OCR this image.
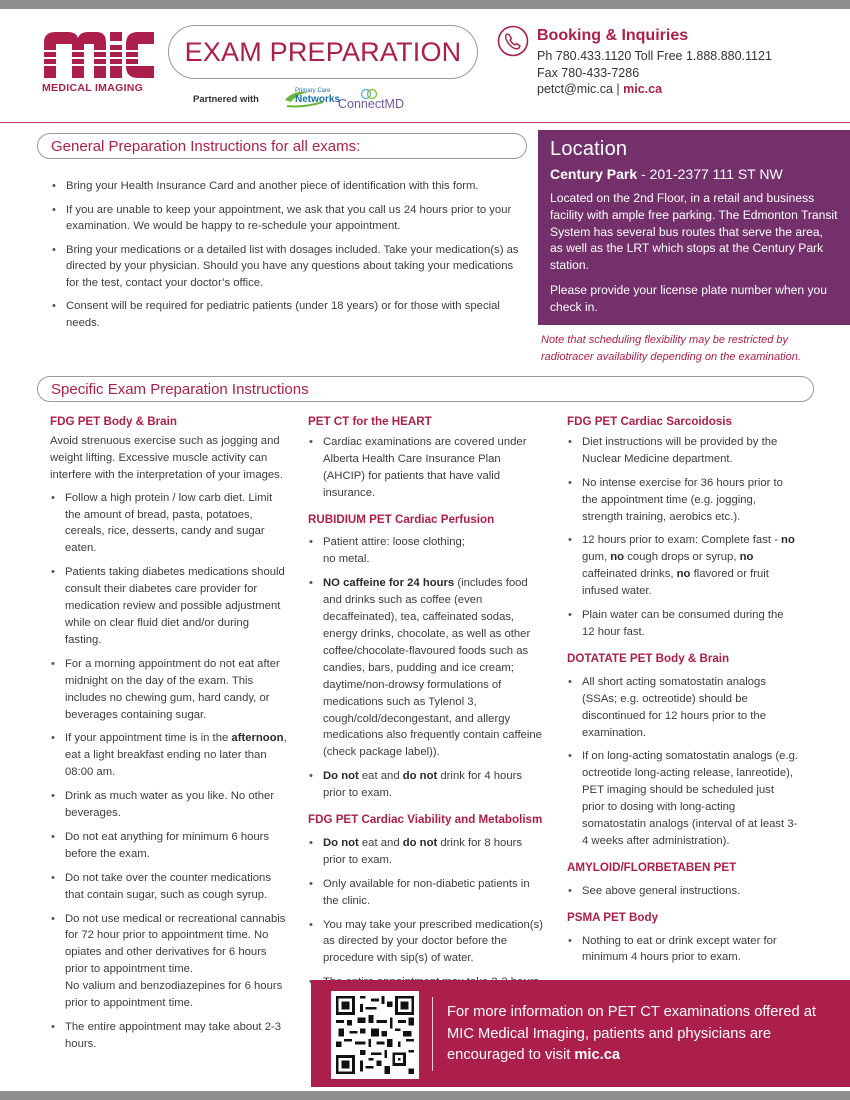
MEDICAL IMAGING
EXAM PREPARATION
Partnered with
Primary Care
Networks
ConnectMD
Booking & Inquiries

Ph 780.433.1120 Toll Free 1.888.880.1121

Fax 780-433-7286

petct@mic.ca | mic.ca

General Preparation Instructions for all exams:
• Bring your Health Insurance Card and another piece of identification with this form.
• If you are unable to keep your appointment, we ask that you call us 24 hours prior to your examination. We would be happy to re-schedule your appointment.
• Bring your medications or a detailed list with dosages included. Take your medication(s) as directed by your physician. Should you have any questions about taking your medications for the test, contact your doctor’s office.
• Consent will be required for pediatric patients (under 18 years) or for those with special needs.
Location
Century Park - 201-2377 111 ST NW

Located on the 2nd Floor, in a retail and business facility with ample free parking. The Edmonton Transit System has several bus routes that serve the area, as well as the LRT which stops at the Century Park station.

Please provide your license plate number when you check in.

Note that scheduling flexibility may be restricted by radiotracer availability depending on the examination.
Specific Exam Preparation Instructions
FDG PET Body & Brain

Avoid strenuous exercise such as jogging and weight lifting. Excessive muscle activity can interfere with the interpretation of your images.

• Follow a high protein / low carb diet. Limit the amount of bread, pasta, potatoes, cereals, rice, desserts, candy and sugar eaten.
• Patients taking diabetes medications should consult their diabetes care provider for medication review and possible adjustment while on clear fluid diet and/or during fasting.
• For a morning appointment do not eat after midnight on the day of the exam. This includes no chewing gum, hard candy, or beverages containing sugar.
• If your appointment time is in the afternoon, eat a light breakfast ending no later than 08:00 am.
• Drink as much water as you like. No other beverages.
• Do not eat anything for minimum 6 hours before the exam.
• Do not take over the counter medications that contain sugar, such as cough syrup.
• Do not use medical or recreational cannabis for 72 hour prior to appointment time. No opiates and other derivatives for 6 hours prior to appointment time.
No valium and benzodiazepines for 6 hours prior to appointment time.
• The entire appointment may take about 2-3 hours.
PET CT for the HEART
• Cardiac examinations are covered under Alberta Health Care Insurance Plan (AHCIP) for patients that have valid insurance.
RUBIDIUM PET Cardiac Perfusion
• Patient attire: loose clothing;
no metal.
• NO caffeine for 24 hours (includes food and drinks such as coffee (even decaffeinated), tea, caffeinated sodas, energy drinks, chocolate, as well as other coffee/chocolate-flavoured foods such as candies, bars, pudding and ice cream; daytime/non-drowsy formulations of medications such as Tylenol 3, cough/cold/decongestant, and allergy medications also frequently contain caffeine (check package label)).
• Do not eat and do not drink for 4 hours prior to exam.
FDG PET Cardiac Viability and Metabolism
• Do not eat and do not drink for 8 hours prior to exam.
• Only available for non-diabetic patients in the clinic.
• You may take your prescribed medication(s) as directed by your doctor before the procedure with sip(s) of water.
•
FDG PET Cardiac Sarcoidosis
• Diet instructions will be provided by the Nuclear Medicine department.
• No intense exercise for 36 hours prior to the appointment time (e.g. jogging, strength training, aerobics etc.).
• 12 hours prior to exam: Complete fast - no gum, no cough drops or syrup, no caffeinated drinks, no flavored or fruit infused water.
• Plain water can be consumed during the 12 hour fast.
DOTATATE PET Body & Brain
• All short acting somatostatin analogs (SSAs; e.g. octreotide) should be discontinued for 12 hours prior to the examination.
• If on long-acting somatostatin analogs (e.g. octreotide long-acting release, lanreotide), PET imaging should be scheduled just prior to dosing with long-acting somatostatin analogs (interval of at least 3-4 weeks after administration).
AMYLOID/FLORBETABEN PET
• See above general instructions.
PSMA PET Body
• Nothing to eat or drink except water for minimum 4 hours prior to exam.
For more information on PET CT examinations offered at MIC Medical Imaging, patients and physicians are encouraged to visit mic.ca
